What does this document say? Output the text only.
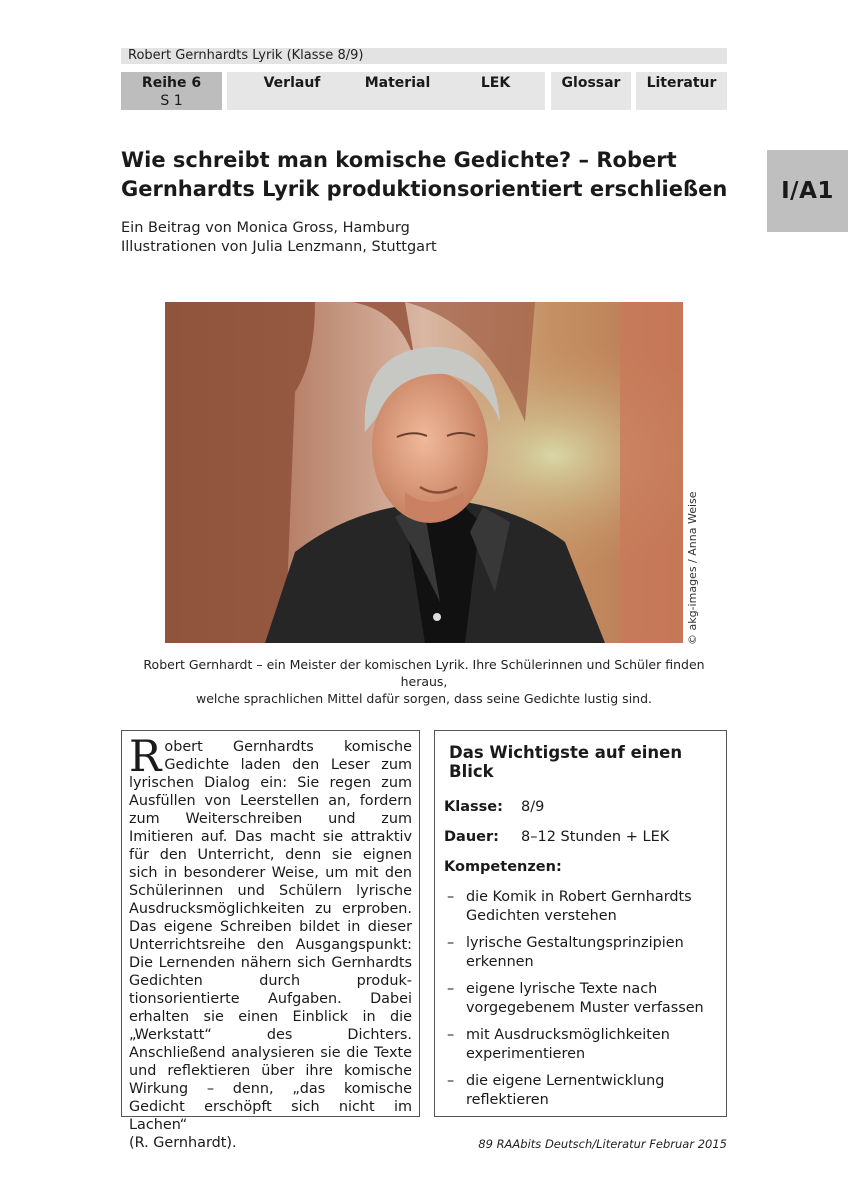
Robert Gernhardts Lyrik (Klasse 8/9)
Reihe 6
S 1
Verlauf	Material	LEK	Glossar	Literatur
I/A1
Wie schreibt man komische Gedichte? – Robert Gernhardts Lyrik produktionsorientiert erschließen
Ein Beitrag von Monica Gross, Hamburg
Illustrationen von Julia Lenzmann, Stuttgart
© akg-images / Anna Weise
Robert Gernhardt – ein Meister der komischen Lyrik. Ihre Schülerinnen und Schüler finden heraus,
welche sprachlichen Mittel dafür sorgen, dass seine Gedichte lustig sind.
R obert Gernhardts komische Gedichte laden den Leser zum lyrischen Dialog ein: Sie regen zum Ausfüllen von Leerstellen an, fordern zum Weiterschreiben und zum Imitieren auf. Das macht sie attraktiv für den Unterricht, denn sie eignen sich in besonderer Weise, um mit den Schülerinnen und Schülern lyrische Ausdrucksmöglichkeiten zu erproben. Das eigene Schreiben bildet in dieser Unterrichtsreihe den Ausgangspunkt: Die Lernenden nähern sich Gernhardts Gedichten durch produktionsorientierte Aufgaben. Dabei erhalten sie einen Einblick in die „Werkstatt“ des Dichters. Anschließend analysieren sie die Texte und reflektieren über ihre komische Wirkung – denn, „das komische Gedicht erschöpft sich nicht im Lachen“
(R. Gernhardt).
Das Wichtigste auf einen Blick
Klasse:	8/9
Dauer:	8–12 Stunden + LEK
Kompetenzen:
– die Komik in Robert Gernhardts Gedichten verstehen
– lyrische Gestaltungsprinzipien erkennen
– eigene lyrische Texte nach vorgegebenem Muster verfassen
– mit Ausdrucksmöglichkeiten experimentieren
– die eigene Lernentwicklung reflektieren
89 RAAbits Deutsch/Literatur Februar 2015
